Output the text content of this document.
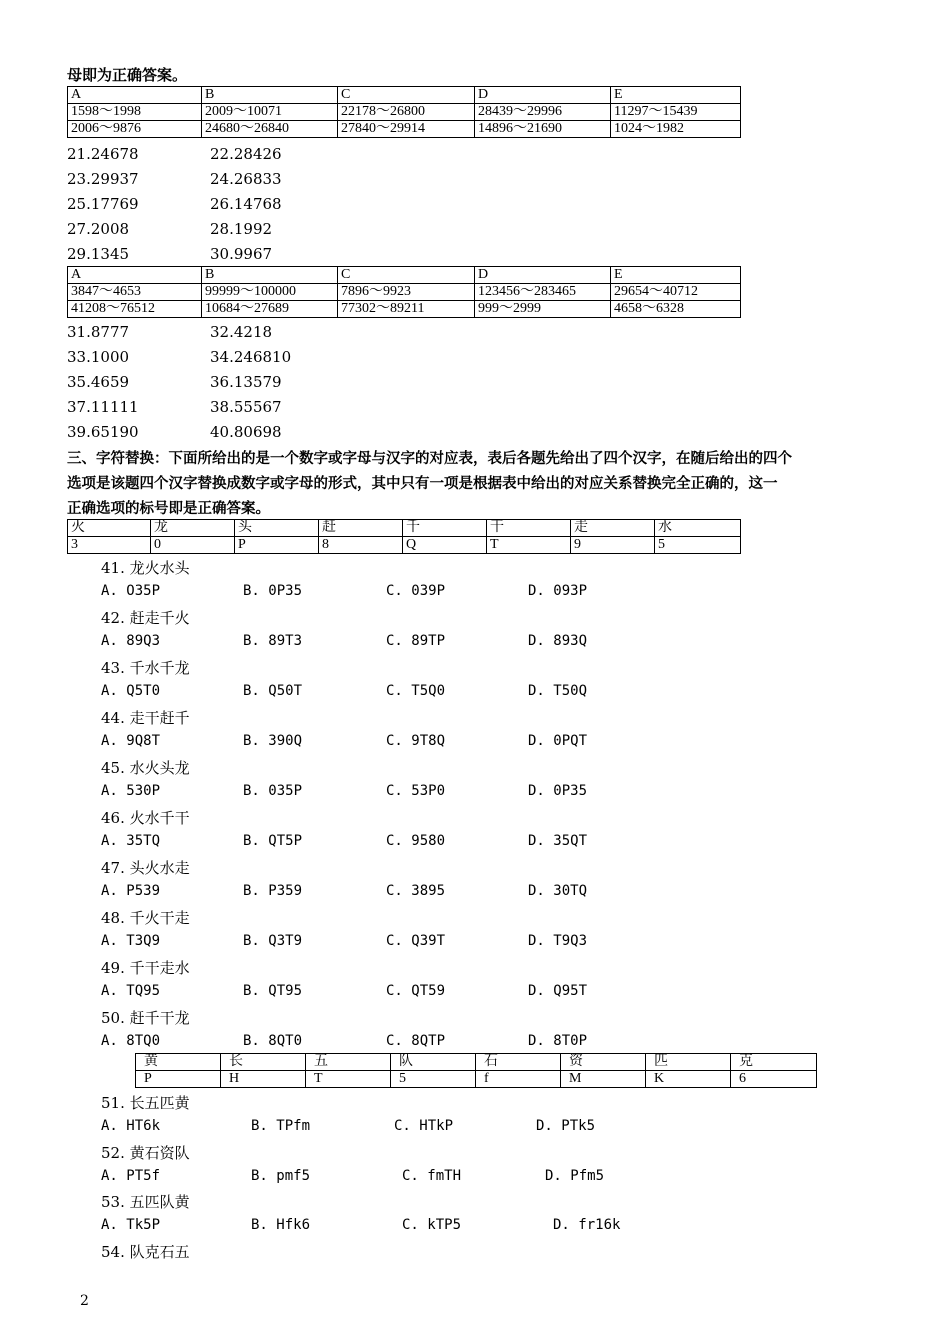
母即为正确答案。
A	B	C	D	E
1598～1998	2009～10071	22178～26800	28439～29996	11297～15439
2006～9876	24680～26840	27840～29914	14896～21690	1024～1982
21.24678	22.28426
23.29937	24.26833
25.17769	26.14768
27.2008	28.1992
29.1345	30.9967
A	B	C	D	E
3847～4653	99999～100000	7896～9923	123456～283465	29654～40712
41208～76512	10684～27689	77302～89211	999～2999	4658～6328
31.8777	32.4218
33.1000	34.246810
35.4659	36.13579
37.11111	38.55567
39.65190	40.80698
三、字符替换：下面所给出的是一个数字或字母与汉字的对应表，表后各题先给出了四个汉字，在随后给出的四个
选项是该题四个汉字替换成数字或字母的形式，其中只有一项是根据表中给出的对应关系替换完全正确的，这一
正确选项的标号即是正确答案。
火	龙	头	赶	千	干	走	水
3	0	P	8	Q	T	9	5
41. 龙火水头
A. O35P	B. 0P35	C. 039P	D. 093P
42. 赶走千火
A. 89Q3	B. 89T3	C. 89TP	D. 893Q
43. 千水千龙
A. Q5T0	B. Q50T	C. T5Q0	D. T50Q
44. 走干赶千
A. 9Q8T	B. 390Q	C. 9T8Q	D. 0PQT
45. 水火头龙
A. 530P	B. 035P	C. 53P0	D. 0P35
46. 火水千干
A. 35TQ	B. QT5P	C. 9580	D. 35QT
47. 头火水走
A. P539	B. P359	C. 3895	D. 30TQ
48. 千火干走
A. T3Q9	B. Q3T9	C. Q39T	D. T9Q3
49. 千干走水
A. TQ95	B. QT95	C. QT59	D. Q95T
50. 赶千干龙
A. 8TQ0	B. 8QT0	C. 8QTP	D. 8T0P
黄	长	五	队	石	资	匹	克
P	H	T	5	f	M	K	6
51. 长五匹黄
A. HT6k	B. TPfm	C. HTkP	D. PTk5
52. 黄石资队
A. PT5f	B. pmf5	C. fmTH	D. Pfm5
53. 五匹队黄
A. Tk5P	B. Hfk6	C. kTP5	D. fr16k
54. 队克石五
2
